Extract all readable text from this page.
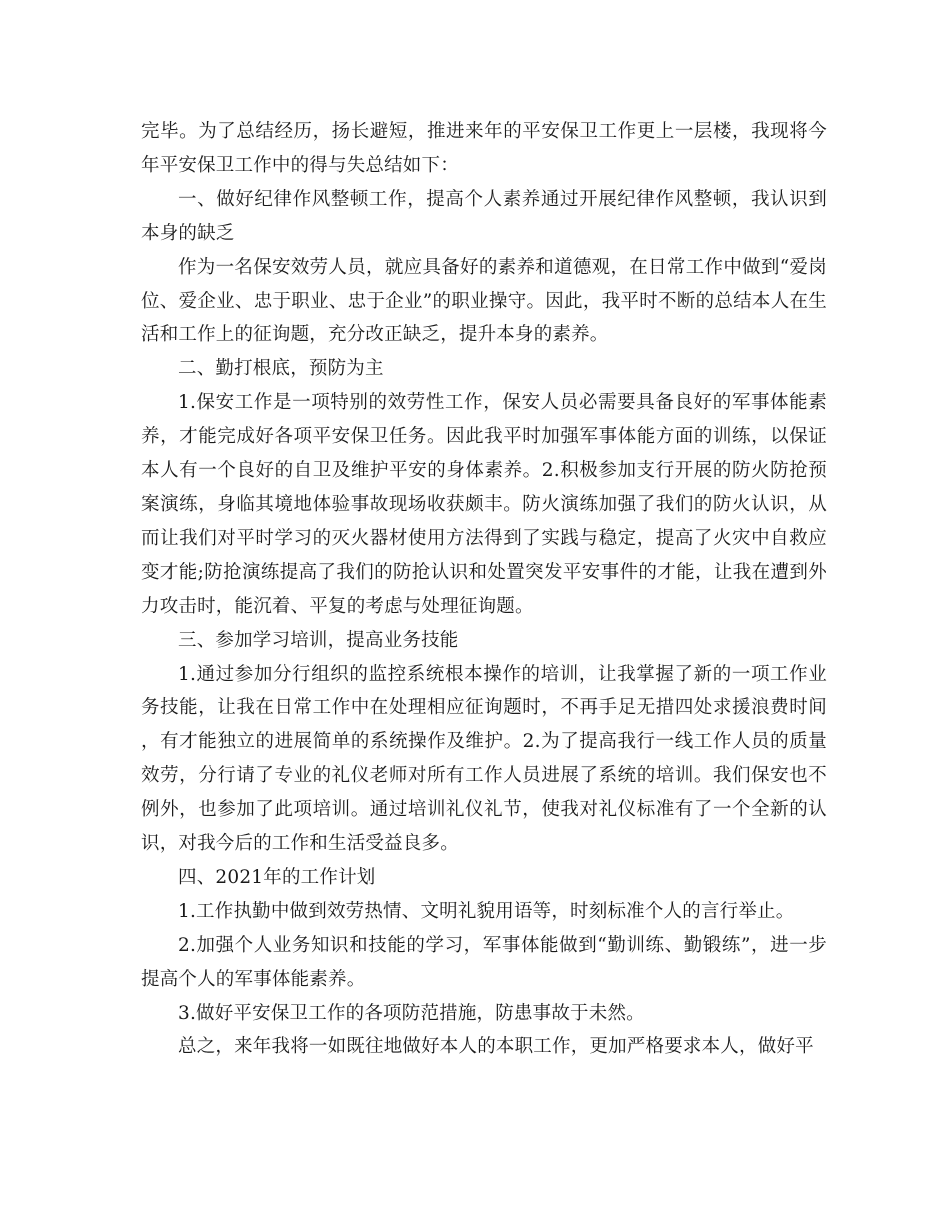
完毕。为了总结经历，扬长避短，推进来年的平安保卫工作更上一层楼，我现将今年平安保卫工作中的得与失总结如下：

一、做好纪律作风整顿工作，提高个人素养通过开展纪律作风整顿，我认识到本身的缺乏

作为一名保安效劳人员，就应具备好的素养和道德观，在日常工作中做到“爱岗位、爱企业、忠于职业、忠于企业”的职业操守。因此，我平时不断的总结本人在生活和工作上的征询题，充分改正缺乏，提升本身的素养。

二、勤打根底，预防为主

1.保安工作是一项特别的效劳性工作，保安人员必需要具备良好的军事体能素养，才能完成好各项平安保卫任务。因此我平时加强军事体能方面的训练，以保证本人有一个良好的自卫及维护平安的身体素养。2.积极参加支行开展的防火防抢预案演练，身临其境地体验事故现场收获颇丰。防火演练加强了我们的防火认识，从而让我们对平时学习的灭火器材使用方法得到了实践与稳定，提高了火灾中自救应变才能;防抢演练提高了我们的防抢认识和处置突发平安事件的才能，让我在遭到外力攻击时，能沉着、平复的考虑与处理征询题。

三、参加学习培训，提高业务技能

1.通过参加分行组织的监控系统根本操作的培训，让我掌握了新的一项工作业务技能，让我在日常工作中在处理相应征询题时，不再手足无措四处求援浪费时间，有才能独立的进展简单的系统操作及维护。2.为了提高我行一线工作人员的质量效劳，分行请了专业的礼仪老师对所有工作人员进展了系统的培训。我们保安也不例外，也参加了此项培训。通过培训礼仪礼节，使我对礼仪标准有了一个全新的认识，对我今后的工作和生活受益良多。

四、2021年的工作计划

1.工作执勤中做到效劳热情、文明礼貌用语等，时刻标准个人的言行举止。

2.加强个人业务知识和技能的学习，军事体能做到“勤训练、勤锻练”，进一步提高个人的军事体能素养。

3.做好平安保卫工作的各项防范措施，防患事故于未然。

总之，来年我将一如既往地做好本人的本职工作，更加严格要求本人，做好平
